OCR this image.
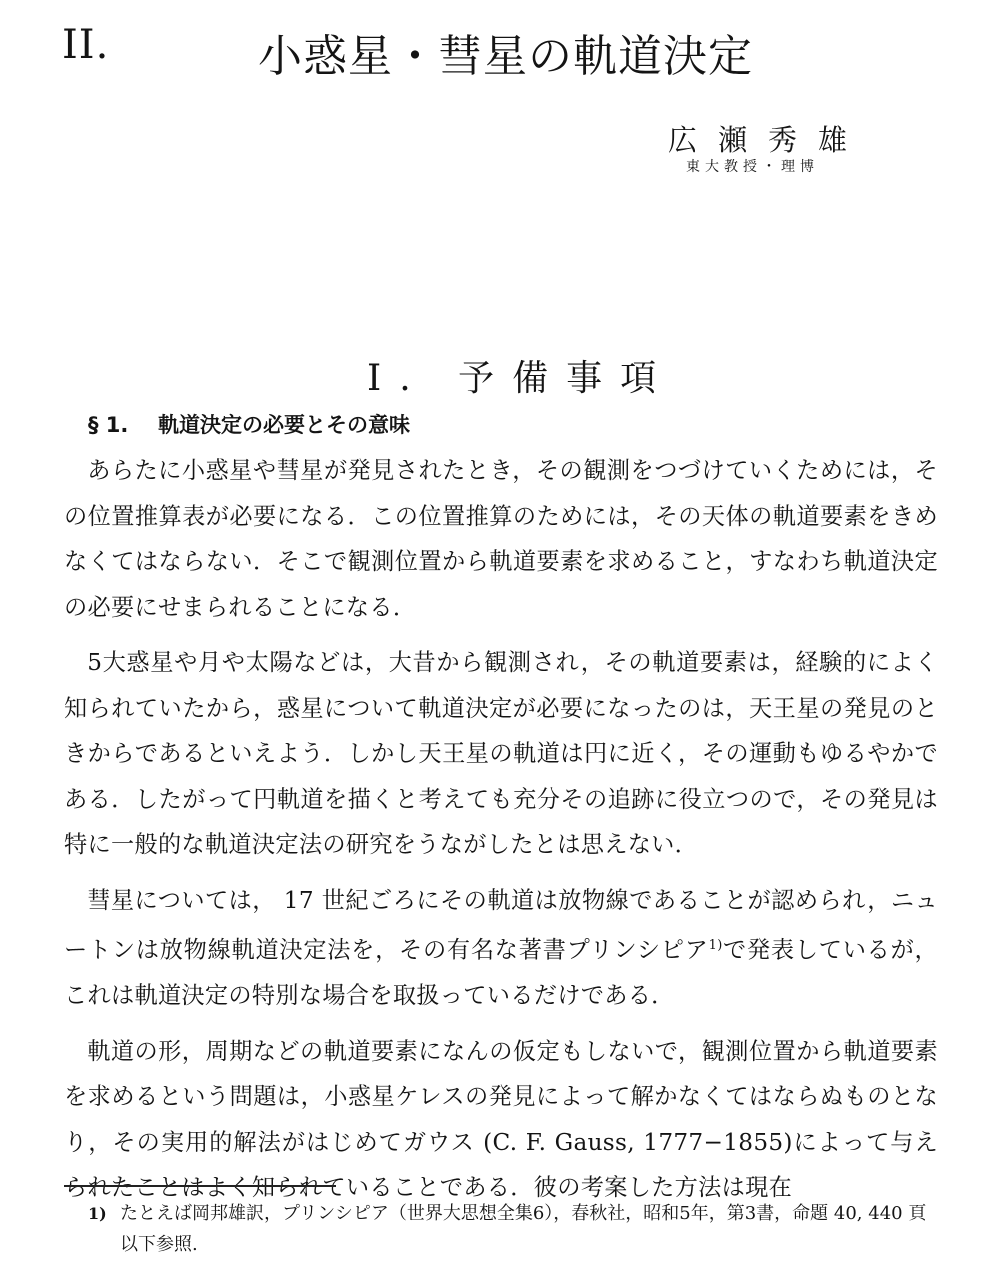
II.	小惑星・彗星の軌道決定
広瀬秀雄
東大教授・理博
I. 予備事項
§ 1. 軌道決定の必要とその意味

あらたに小惑星や彗星が発見されたとき，その観測をつづけていくためには，その位置推算表が必要になる．この位置推算のためには，その天体の軌道要素をきめなくてはならない．そこで観測位置から軌道要素を求めること，すなわち軌道決定の必要にせまられることになる．

5大惑星や月や太陽などは，大昔から観測され，その軌道要素は，経験的によく知られていたから，惑星について軌道決定が必要になったのは，天王星の発見のときからであるといえよう．しかし天王星の軌道は円に近く，その運動もゆるやかである．したがって円軌道を描くと考えても充分その追跡に役立つので，その発見は特に一般的な軌道決定法の研究をうながしたとは思えない．

彗星については， 17 世紀ごろにその軌道は放物線であることが認められ，ニュートンは放物線軌道決定法を，その有名な著書プリンシピア$^{1)}$で発表しているが，これは軌道決定の特別な場合を取扱っているだけである．

軌道の形，周期などの軌道要素になんの仮定もしないで，観測位置から軌道要素を求めるという問題は，小惑星ケレスの発見によって解かなくてはならぬものとなり，その実用的解法がはじめてガウス (C. F. Gauss, 1777−1855)によって与えられたことはよく知られていることである．彼の考案した方法は現在

1) たとえば岡邦雄訳，プリンシピア（世界大思想全集6），春秋社，昭和5年，第3書，命題 40, 440 頁以下参照.
